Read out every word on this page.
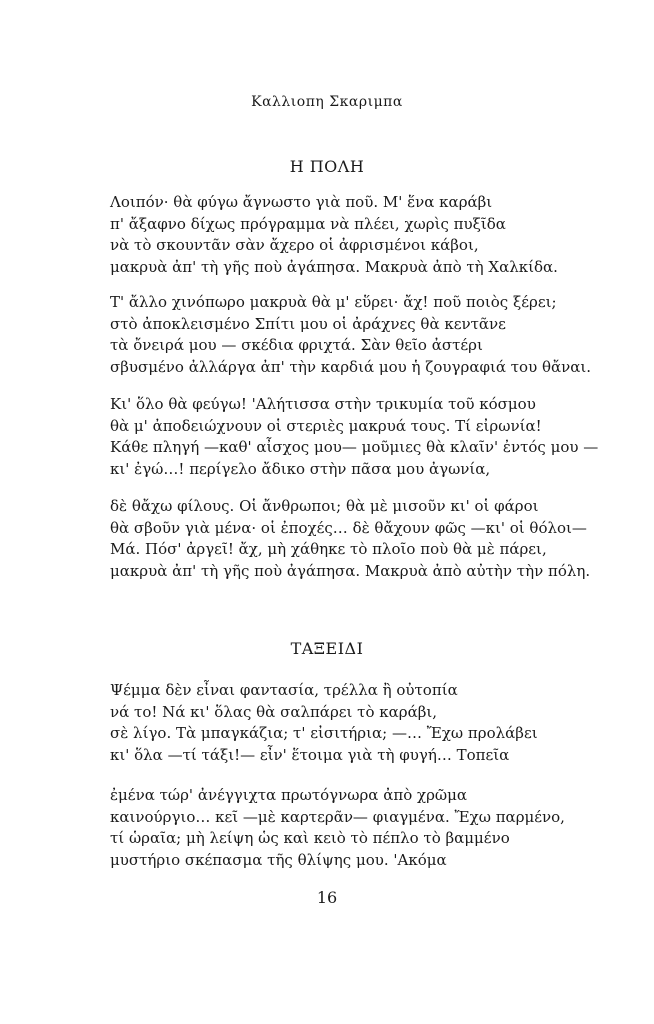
Καλλιοπη Σκαριμπα
Η ΠΟΛΗ
Λοιπόν· θὰ φύγω ἄγνωστο γιὰ ποῦ. Μ' ἕνα καράβι
π' ἄξαφνο δίχως πρόγραμμα νὰ πλέει, χωρὶς πυξῖδα
νὰ τὸ σκουντᾶν σὰν ἄχερο οἱ ἀφρισμένοι κάβοι,
μακρυὰ ἀπ' τὴ γῆς ποὺ ἀγάπησα. Μακρυὰ ἀπὸ τὴ Χαλκίδα.
Τ' ἄλλο χινόπωρο μακρυὰ θὰ μ' εὕρει· ἄχ! ποῦ ποιὸς ξέρει;
στὸ ἀποκλεισμένο Σπίτι μου οἱ ἀράχνες θὰ κεντᾶνε
τὰ ὄνειρά μου — σκέδια φριχτά. Σὰν θεῖο ἀστέρι
σβυσμένο ἀλλάργα ἀπ' τὴν καρδιά μου ἡ ζουγραφιά του θἄναι.
Κι' ὅλο θὰ φεύγω! 'Αλήτισσα στὴν τρικυμία τοῦ κόσμου
θὰ μ' ἀποδειώχνουν οἱ στεριὲς μακρυά τους. Τί εἰρωνία!
Κάθε πληγή —καθ' αἶσχος μου— μοῦμιες θὰ κλαῖν' ἐντός μου —
κι' ἐγώ…! περίγελο ἄδικο στὴν πᾶσα μου ἀγωνία,
δὲ θἄχω φίλους. Οἱ ἄνθρωποι; θὰ μὲ μισοῦν κι' οἱ φάροι
θὰ σβοῦν γιὰ μένα· οἱ ἐποχές… δὲ θἄχουν φῶς —κι' οἱ θόλοι—
Μά. Πόσ' ἀργεῖ! ἄχ, μὴ χάθηκε τὸ πλοῖο ποὺ θὰ μὲ πάρει,
μακρυὰ ἀπ' τὴ γῆς ποὺ ἀγάπησα. Μακρυὰ ἀπὸ αὐτὴν τὴν πόλη.
ΤΑΞΕΙΔΙ
Ψέμμα δὲν εἶναι φαντασία, τρέλλα ἢ οὐτοπία
νά το! Νά κι' ὅλας θὰ σαλπάρει τὸ καράβι,
σὲ λίγο. Τὰ μπαγκάζια; τ' εἰσιτήρια; —… Ἔχω προλάβει
κι' ὅλα —τί τάξι!— εἶν' ἕτοιμα γιὰ τὴ φυγή… Τοπεῖα
ἐμένα τώρ' ἀνέγγιχτα πρωτόγνωρα ἀπὸ χρῶμα
καινούργιο… κεῖ —μὲ καρτερᾶν— φιαγμένα. Ἔχω παρμένο,
τί ὡραῖα; μὴ λείψη ὡς καὶ κειὸ τὸ πέπλο τὸ βαμμένο
μυστήριο σκέπασμα τῆς θλίψης μου. 'Ακόμα
16
